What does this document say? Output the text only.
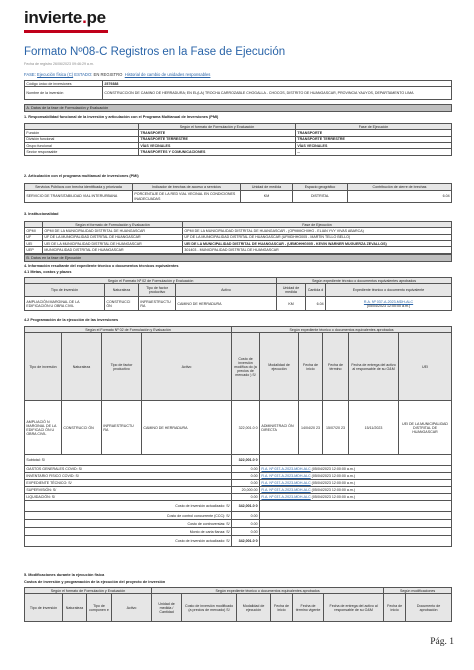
invierte.pe
Formato Nº08-C Registros en la Fase de Ejecución
Fecha de registro 26/06/2023 09:46:29 a.m.
FASE: Ejecución física (C) ESTADO: EN REGISTRO Historial de cambio de unidades responsables
Código único de inversiones	2579388
Nombre de la inversión	CONSTRUCCION DE CAMINO DE HERRADURA; EN EL(LA) TROCHA CARROZABLE CHOGALLA - CHOCOS, DISTRITO DE HUANGASCAR, PROVINCIA YAUYOS, DEPARTAMENTO LIMA
A. Datos de la fase de Formulación y Evaluación
1. Responsabilidad funcional de la inversión y articulación con el Programa Multianual de Inversiones (PMI)
	Según el formato de Formulación y Evaluación	Fase de Ejecución
Función	TRANSPORTE	TRANSPORTE
División funcional	TRANSPORTE TERRESTRE	TRANSPORTE TERRESTRE
Grupo funcional	VÍAS VECINALES	VÍAS VECINALES
Sector responsable	TRANSPORTES Y COMUNICACIONES	--
2. Articulación con el programa multianual de inversiones (PMI)
Servicios Públicos con brecha identificada y priorizada	Indicador de brechas de acceso a servicios	Unidad de medida	Espacio geográfico	Contribución de cierre de brechas
SERVICIO DE TRANSITABILIDAD VIAL INTERURBANA	PORCENTAJE DE LA RED VIAL VECINAL EN CONDICIONES INADECUADAS	KM	DISTRITAL	6.04
3. Institucionalidad
	Según el formato de Formulación y Evaluación	Fase de Ejecución
OPMI	OPMI DE LA MUNICIPALIDAD DISTRITAL DE HUANGASCAR	OPMI DE LA MUNICIPALIDAD DISTRITAL DE HUANGASCAR - (OPMMICHIIHG - ELIAN YVY VIVAS ABARCA)
UF	UF DE LA MUNICIPALIDAD DISTRITAL DE HUANGASCAR	UF DE LA MUNICIPALIDAD DISTRITAL DE HUANGASCAR (UFMDHHG005 - MARTIN TELLO BELLO)
UEI	UEI DE LA MUNICIPALIDAD DISTRITAL DE HUANGASCAR	UEI DE LA MUNICIPALIDAD DISTRITAL DE HUANGASCAR - (UEMDHHG005 - KEVIN WARNER MUGUERZA ZEVALLOS)
UEP	MUNICIPALIDAD DISTRITAL DE HUANGASCAR	301403 - MUNICIPALIDAD DISTRITAL DE HUANGASCAR
B. Datos en la fase de Ejecución
4. Información resultante del expediente técnico o documentos técnicos equivalentes
4.1 Metas, costos y plazos
Según el Formato Nº 02 de Formulación y Evaluación				Según expediente técnico o documentos equivalentes aprobados		
Tipo de inversión	Naturaleza	Tipo de factor productivo	Activo	Unidad de medida	Cantida d	Expediente técnico o documento equivalente
AMPLIACIÓN MARGINAL DE LA EDIFICACIÓN U OBRA CIVIL	CONSTRUCCI ÓN	INFRAESTRUCTU RA	CAMINO DE HERRADURA	KM	6.04	R.A. Nº 037-A-2023-MDH-ALC
(05/04/2023 12:00:00 a.m.)
4.2 Programación de la ejecución de las inversiones
Según el Formato Nº 02 de Formulación y Evaluación				Según expediente técnico o documentos equivalentes aprobados					
Tipo de inversión	Naturaleza	Tipo de factor productivo	Activo	Costo de inversión modifica do (a precios de mercado ) S/	Modalidad de ejecución	Fecha de inicio	Fecha de término	Fecha de entrega del activo al responsable de su O&M	UEI
AMPLIACIÓ N MARGINAL DE LA EDIFICACI ÓN U OBRA CIVIL	CONSTRUCCI ÓN	INFRAESTRUCTU RA	CAMINO DE HERRADURA	322,001.0 0	ADMINISTRACI ÓN DIRECTA	14/04/20 23	15/07/20 23	15/11/2023	UEI DE LA MUNICIPALIDAD DISTRITAL DE HUANGASCAR
Subtotal: S/				322,001.0 0					
GASTOS GENERALES COVID: S/				0.00	R.A. Nº 037-A-2023-MDH-ALC (05/04/2023 12:00:00 a.m.)				
INVENTARIO FISICO COVID: S/				0.00	R.A. Nº 037-A-2023-MDH-ALC (05/04/2023 12:00:00 a.m.)				
EXPEDIENTE TÉCNICO: S/				0.00	R.A. Nº 037-A-2023-MDH-ALC (05/04/2023 12:00:00 a.m.)				
SUPERVISIÓN: S/				20,000.00	R.A. Nº 037-A-2023-MDH-ALC (05/04/2023 12:00:00 a.m.)				
LIQUIDACIÓN: S/				0.00	R.A. Nº 037-A-2023-MDH-ALC (05/04/2023 12:00:00 a.m.)				
Costo de inversión actualizado: S/				342,001.0 0					
Costo de control concurrente (CCC): S/				0.00					
Costo de controversias: S/				0.00					
Monto de carta fianza: S/				0.00					
Costo de inversión actualizado: S/				342,001.0 0					
5. Modificaciones durante la ejecución física
Costos de inversión y programación de la ejecución del proyecto de inversión
Según el formato de Formulación y Evaluación				Según expediente técnico o documentos equivalentes aprobados						Según modificaciones	
Tipo de inversión	Naturaleza	Tipo de componen e	Activo	Unidad de medida / Cantidad	Costo de inversión modificado (a precios de mercado) S/	Modalidad de ejecución	Fecha de inicio	Fecha de término vigente	Fecha de entrega del activo al responsable de su O&M	Fecha de inicio	Documento de aprobación
Pág. 1
